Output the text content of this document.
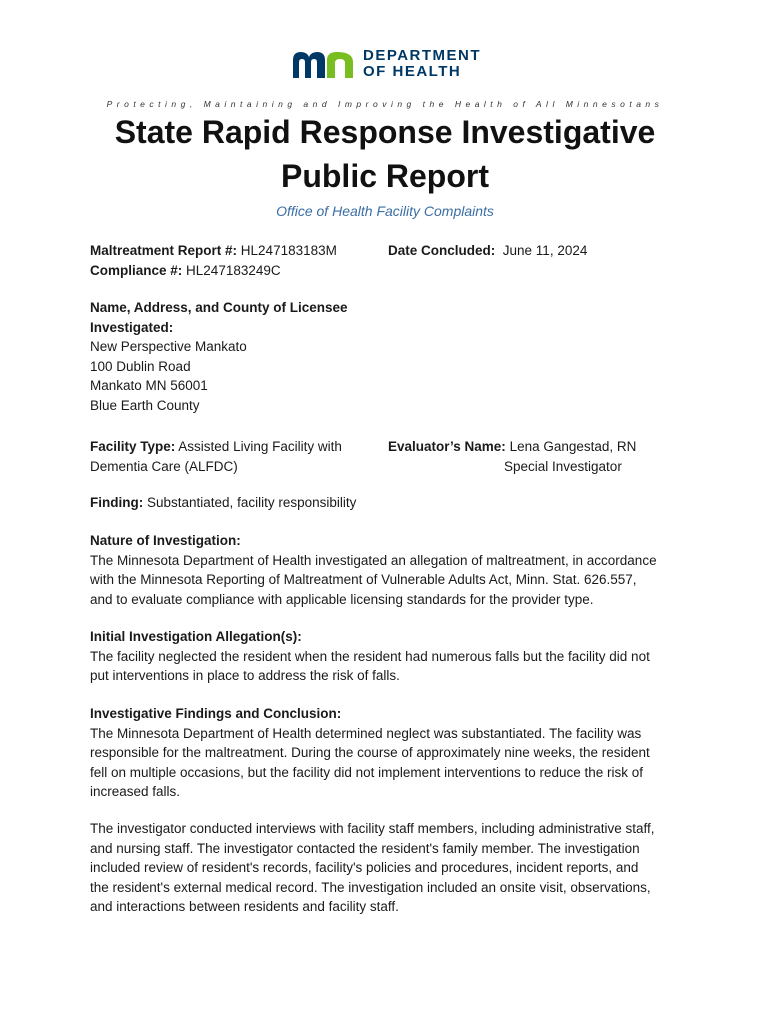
DEPARTMENT
OF HEALTH
Protecting, Maintaining and Improving the Health of All Minnesotans
State Rapid Response Investigative
Public Report
Office of Health Facility Complaints
Maltreatment Report #: HL247183183M
Compliance #: HL247183249C
Date Concluded: June 11, 2024
Name, Address, and County of Licensee
Investigated:
New Perspective Mankato
100 Dublin Road
Mankato MN 56001
Blue Earth County
Facility Type: Assisted Living Facility with
Dementia Care (ALFDC)
Evaluator’s Name: Lena Gangestad, RN
Special Investigator
Finding: Substantiated, facility responsibility
Nature of Investigation:
The Minnesota Department of Health investigated an allegation of maltreatment, in accordance
with the Minnesota Reporting of Maltreatment of Vulnerable Adults Act, Minn. Stat. 626.557,
and to evaluate compliance with applicable licensing standards for the provider type.
Initial Investigation Allegation(s):
The facility neglected the resident when the resident had numerous falls but the facility did not
put interventions in place to address the risk of falls.
Investigative Findings and Conclusion:
The Minnesota Department of Health determined neglect was substantiated. The facility was
responsible for the maltreatment. During the course of approximately nine weeks, the resident
fell on multiple occasions, but the facility did not implement interventions to reduce the risk of
increased falls.
The investigator conducted interviews with facility staff members, including administrative staff,
and nursing staff. The investigator contacted the resident's family member. The investigation
included review of resident's records, facility's policies and procedures, incident reports, and
the resident's external medical record. The investigation included an onsite visit, observations,
and interactions between residents and facility staff.
